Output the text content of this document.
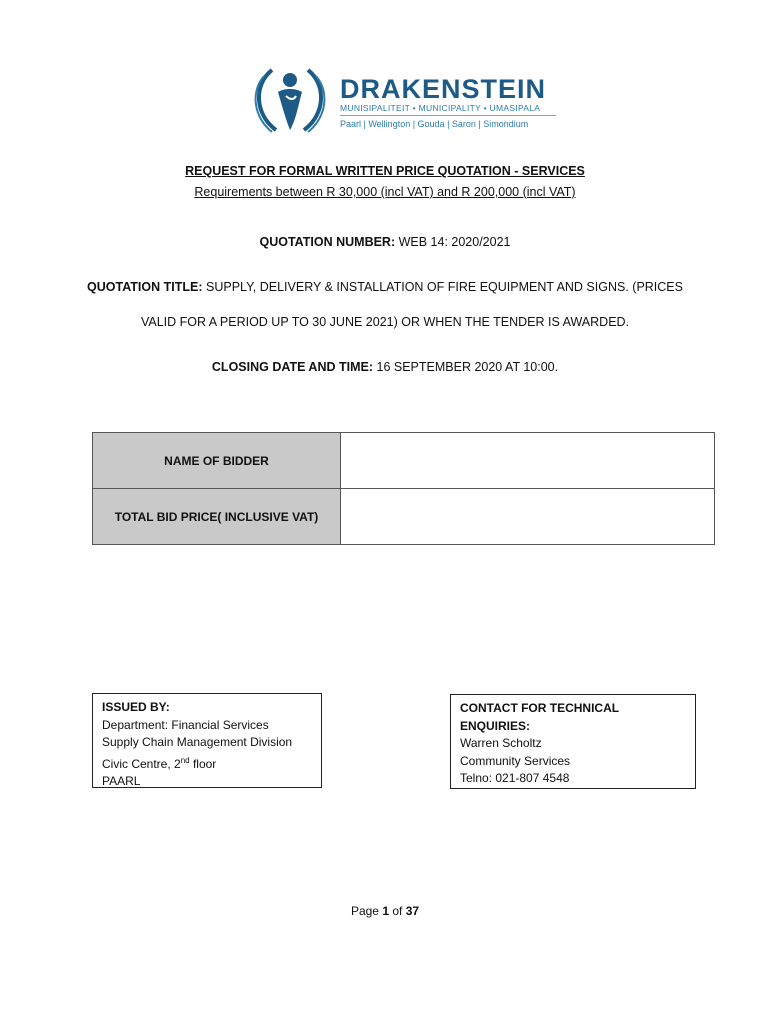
DRAKENSTEIN
MUNISIPALITEIT • MUNICIPALITY • UMASIPALA
Paarl | Wellington | Gouda | Saron | Simondium
REQUEST FOR FORMAL WRITTEN PRICE QUOTATION - SERVICES
Requirements between R 30,000 (incl VAT) and R 200,000 (incl VAT)
QUOTATION NUMBER: WEB 14: 2020/2021
QUOTATION TITLE: SUPPLY, DELIVERY & INSTALLATION OF FIRE EQUIPMENT AND SIGNS. (PRICES
VALID FOR A PERIOD UP TO 30 JUNE 2021) OR WHEN THE TENDER IS AWARDED.
CLOSING DATE AND TIME: 16 SEPTEMBER 2020 AT 10:00.
NAME OF BIDDER	
TOTAL BID PRICE( INCLUSIVE VAT)	
ISSUED BY:
Department: Financial Services
Supply Chain Management Division
Civic Centre, 2nd floor
PAARL
CONTACT FOR TECHNICAL ENQUIRIES:
Warren Scholtz
Community Services
Telno: 021-807 4548
Page 1 of 37
